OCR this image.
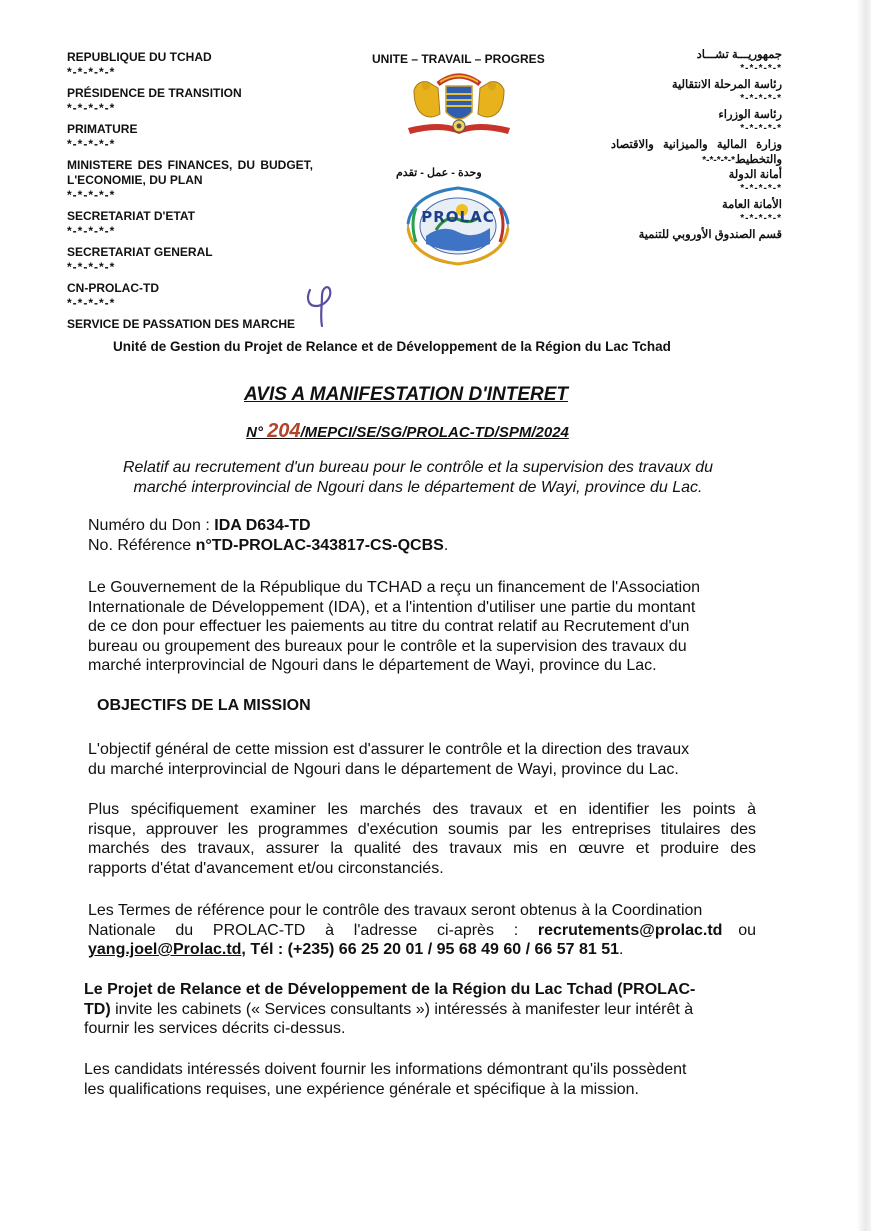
REPUBLIQUE DU TCHAD
*-*-*-*-*
PRÉSIDENCE DE TRANSITION
*-*-*-*-*
PRIMATURE
*-*-*-*-*
MINISTERE DES FINANCES, DU BUDGET,
L'ECONOMIE, DU PLAN
*-*-*-*-*
SECRETARIAT D'ETAT
*-*-*-*-*
SECRETARIAT GENERAL
*-*-*-*-*
CN-PROLAC-TD
*-*-*-*-*
SERVICE DE PASSATION DES MARCHE
UNITE – TRAVAIL – PROGRES
وحدة - عمل - تقدم
PROLAC
جمهوريـــة تشـــاد
*-*-*-*-*
رئاسة المرحلة الانتقالية
*-*-*-*-*
رئاسة الوزراء
*-*-*-*-*
وزارة المالية والميزانية والاقتصاد
والتخطيط*-*-*-*-*
أمانة الدولة
*-*-*-*-*
الأمانة العامة
*-*-*-*-*
قسم الصندوق الأوروبي للتنمية
Unité de Gestion du Projet de Relance et de Développement de la Région du Lac Tchad
AVIS A MANIFESTATION D'INTERET
N° 204/MEPCI/SE/SG/PROLAC-TD/SPM/2024
Relatif au recrutement d'un bureau pour le contrôle et la supervision des travaux du
marché interprovincial de Ngouri dans le département de Wayi, province du Lac.
Numéro du Don : IDA D634-TD
No. Référence n°TD-PROLAC-343817-CS-QCBS.
Le Gouvernement de la République du TCHAD a reçu un financement de l'Association
Internationale de Développement (IDA), et a l'intention d'utiliser une partie du montant
de ce don pour effectuer les paiements au titre du contrat relatif au Recrutement d'un
bureau ou groupement des bureaux pour le contrôle et la supervision des travaux du
marché interprovincial de Ngouri dans le département de Wayi, province du Lac.
OBJECTIFS DE LA MISSION
L'objectif général de cette mission est d'assurer le contrôle et la direction des travaux
du marché interprovincial de Ngouri dans le département de Wayi, province du Lac.
Plus spécifiquement examiner les marchés des travaux et en identifier les points à
risque, approuver les programmes d'exécution soumis par les entreprises titulaires des
marchés des travaux, assurer la qualité des travaux mis en œuvre et produire des
rapports d'état d'avancement et/ou circonstanciés.
Les Termes de référence pour le contrôle des travaux seront obtenus à la Coordination
Nationale du PROLAC-TD à l'adresse ci-après : recrutements@prolac.td ou
yang.joel@Prolac.td, Tél : (+235) 66 25 20 01 / 95 68 49 60 / 66 57 81 51.
Le Projet de Relance et de Développement de la Région du Lac Tchad (PROLAC-
TD) invite les cabinets (« Services consultants ») intéressés à manifester leur intérêt à
fournir les services décrits ci-dessus.
Les candidats intéressés doivent fournir les informations démontrant qu'ils possèdent
les qualifications requises, une expérience générale et spécifique à la mission.
